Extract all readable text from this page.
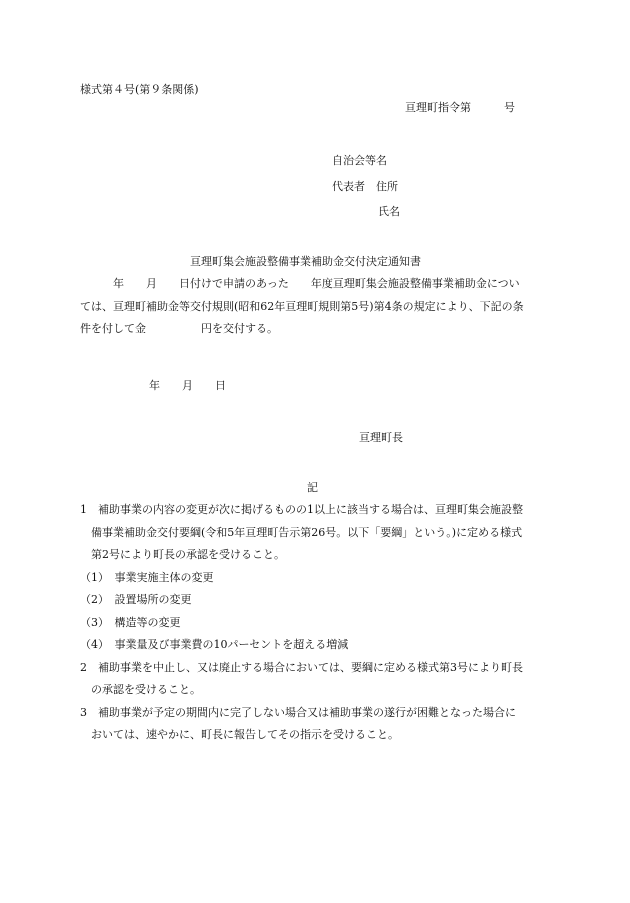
様式第４号(第９条関係)
亘理町指令第　　　号
自治会等名
代表者　住所
氏名
亘理町集会施設整備事業補助金交付決定通知書
　　　年　　月　　日付けで申請のあった　　年度亘理町集会施設整備事業補助金につい
ては、亘理町補助金等交付規則(昭和62年亘理町規則第5号)第4条の規定により、下記の条
件を付して金　　　　　円を交付する。
年　　月　　日
亘理町長
記
1　補助事業の内容の変更が次に掲げるものの1以上に該当する場合は、亘理町集会施設整
　備事業補助金交付要綱(令和5年亘理町告示第26号。以下「要綱」という。)に定める様式
　第2号により町長の承認を受けること。
（1）　事業実施主体の変更
（2）　設置場所の変更
（3）　構造等の変更
（4）　事業量及び事業費の10パーセントを超える増減
2　補助事業を中止し、又は廃止する場合においては、要綱に定める様式第3号により町長
　の承認を受けること。
3　補助事業が予定の期間内に完了しない場合又は補助事業の遂行が困難となった場合に
　おいては、速やかに、町長に報告してその指示を受けること。
